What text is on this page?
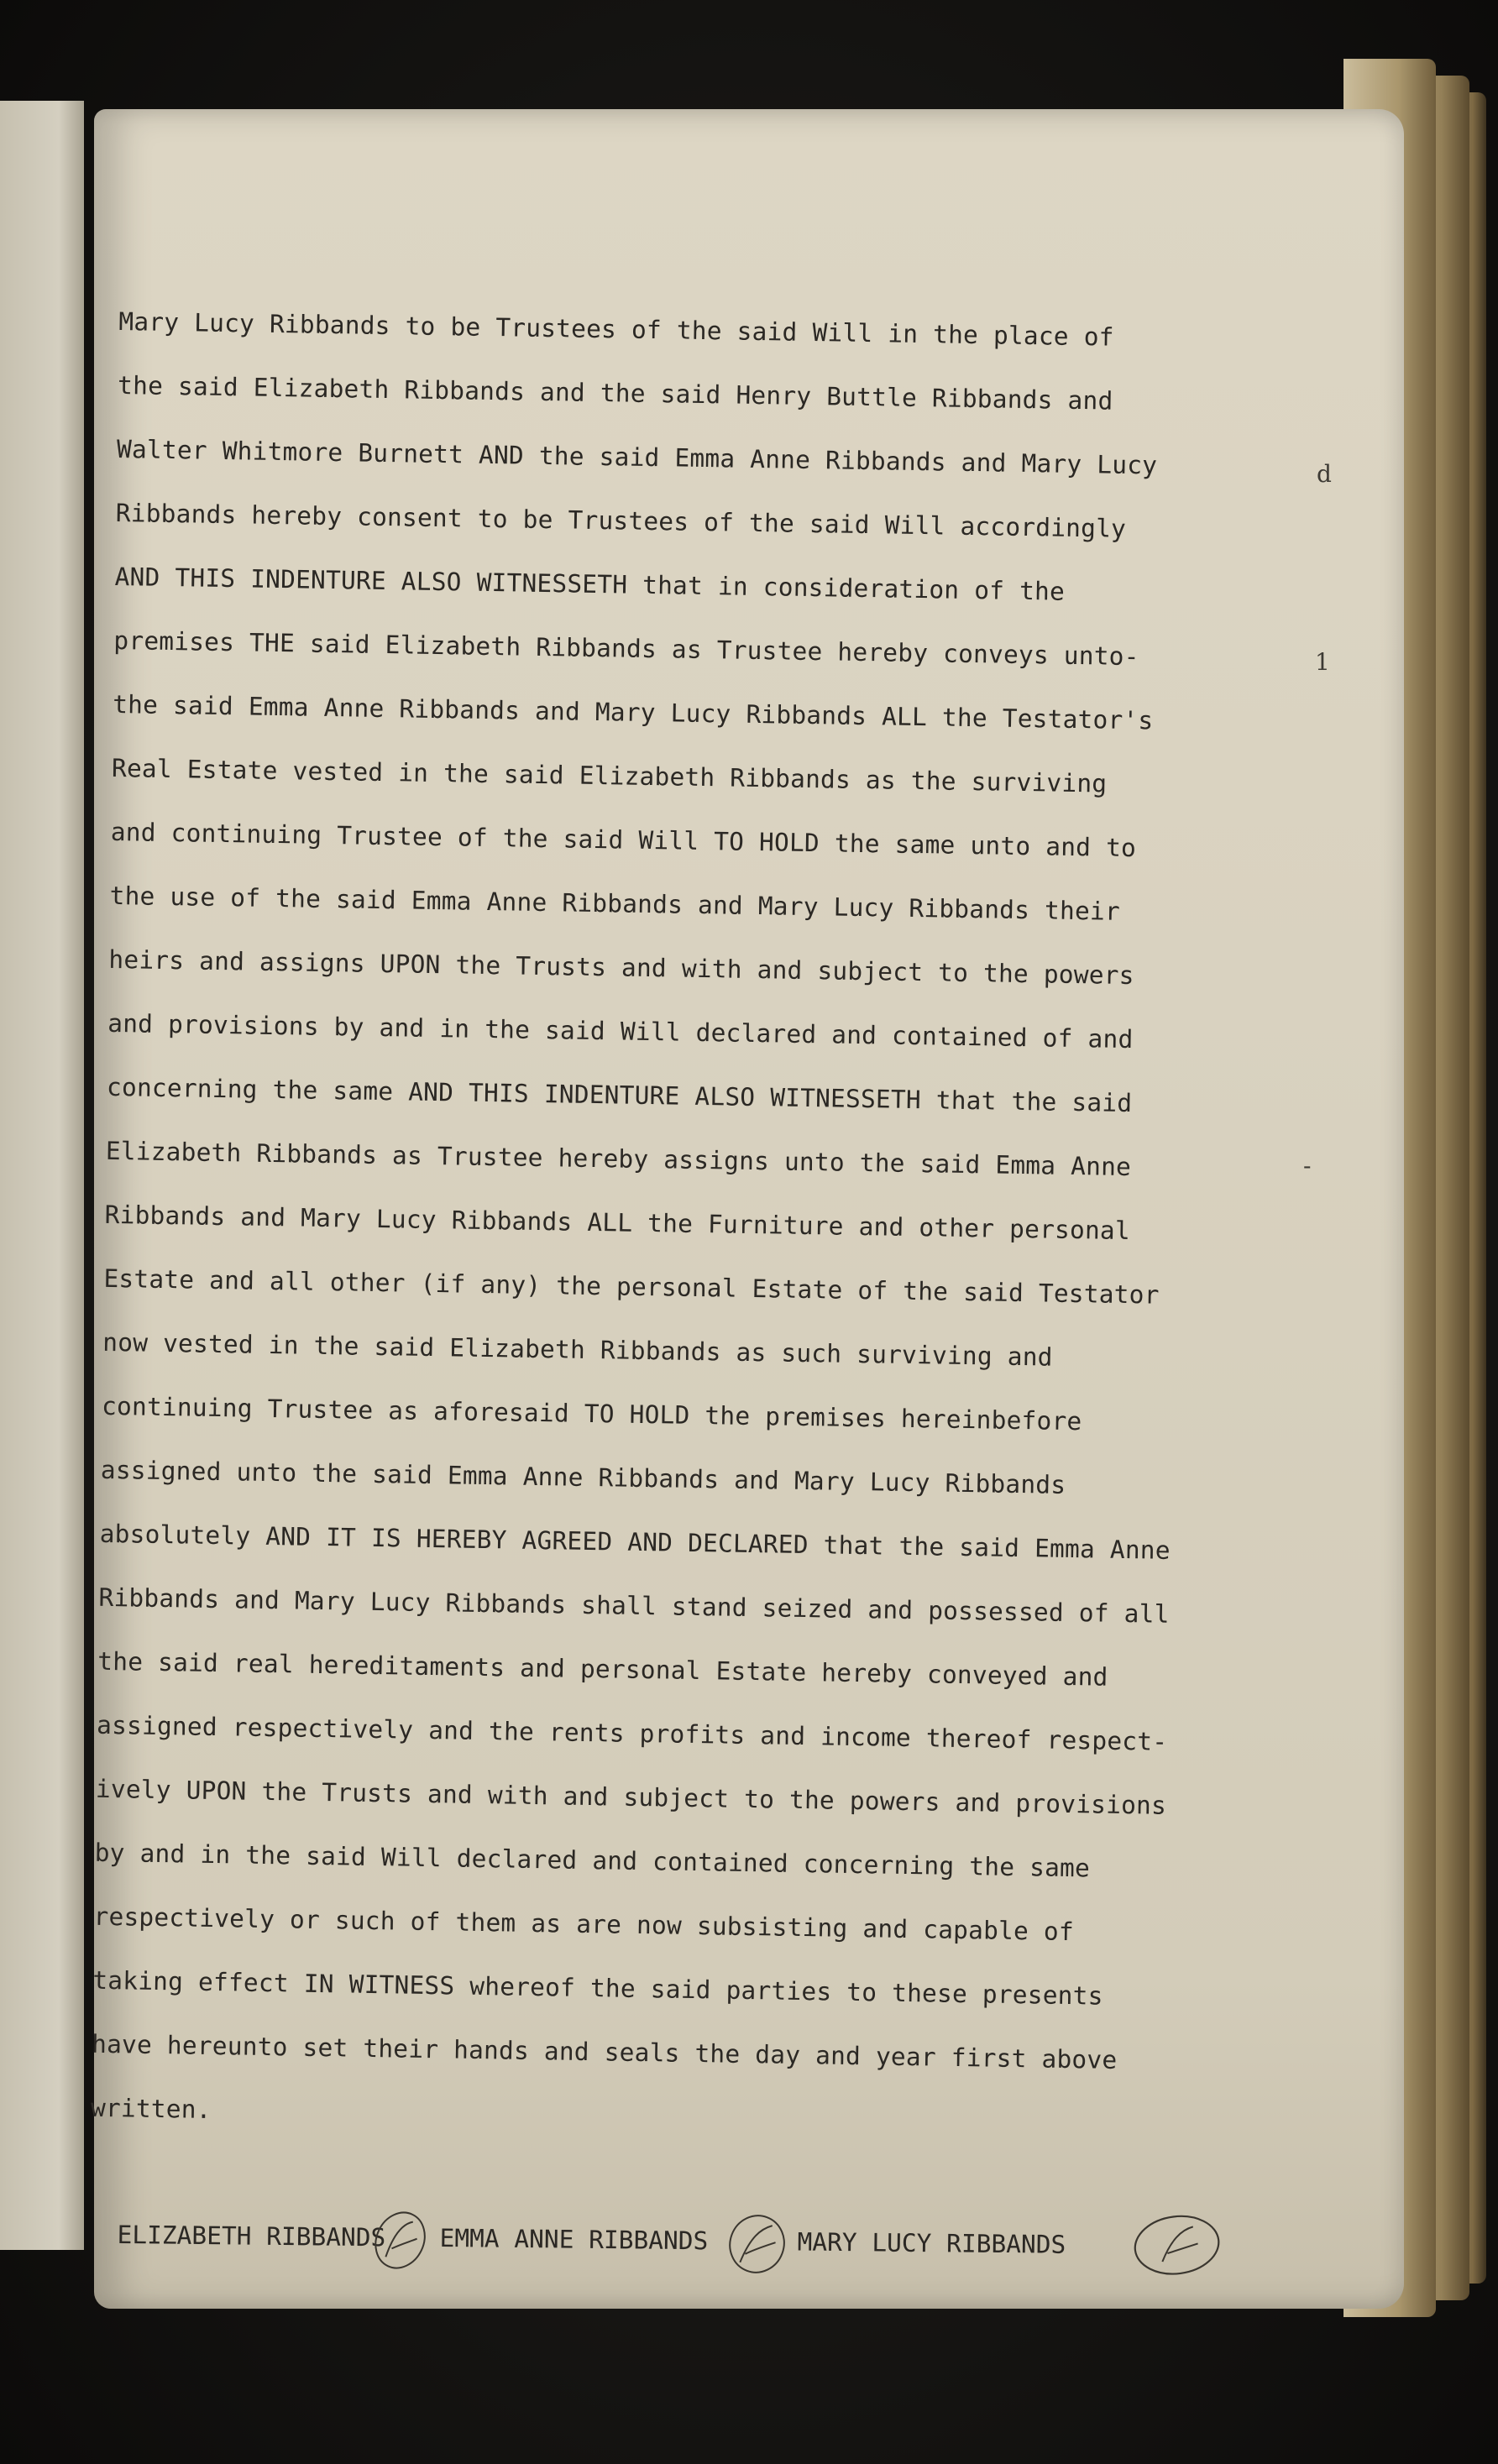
Mary Lucy Ribbands to be Trustees of the said Will in the place of
the said Elizabeth Ribbands and the said Henry Buttle Ribbands and
Walter Whitmore Burnett AND the said Emma Anne Ribbands and Mary Lucy
Ribbands hereby consent to be Trustees of the said Will accordingly
AND THIS INDENTURE ALSO WITNESSETH that in consideration of the
premises THE said Elizabeth Ribbands as Trustee hereby conveys unto-
the said Emma Anne Ribbands and Mary Lucy Ribbands ALL the Testator's
Real Estate vested in the said Elizabeth Ribbands as the surviving
and continuing Trustee of the said Will TO HOLD the same unto and to
the use of the said Emma Anne Ribbands and Mary Lucy Ribbands their
heirs and assigns UPON the Trusts and with and subject to the powers
and provisions by and in the said Will declared and contained of and
concerning the same AND THIS INDENTURE ALSO WITNESSETH that the said
Elizabeth Ribbands as Trustee hereby assigns unto the said Emma Anne
Ribbands and Mary Lucy Ribbands ALL the Furniture and other personal
Estate and all other (if any) the personal Estate of the said Testator
now vested in the said Elizabeth Ribbands as such surviving and
continuing Trustee as aforesaid TO HOLD the premises hereinbefore
assigned unto the said Emma Anne Ribbands and Mary Lucy Ribbands
absolutely AND IT IS HEREBY AGREED AND DECLARED that the said Emma Anne
Ribbands and Mary Lucy Ribbands shall stand seized and possessed of all
the said real hereditaments and personal Estate hereby conveyed and
assigned respectively and the rents profits and income thereof respect-
ively UPON the Trusts and with and subject to the powers and provisions
by and in the said Will declared and contained concerning the same
respectively or such of them as are now subsisting and capable of
taking effect IN WITNESS whereof the said parties to these presents
have hereunto set their hands and seals the day and year first above
written.
ELIZABETH RIBBANDS EMMA ANNE RIBBANDS	MARY LUCY RIBBANDS
d
1
-
